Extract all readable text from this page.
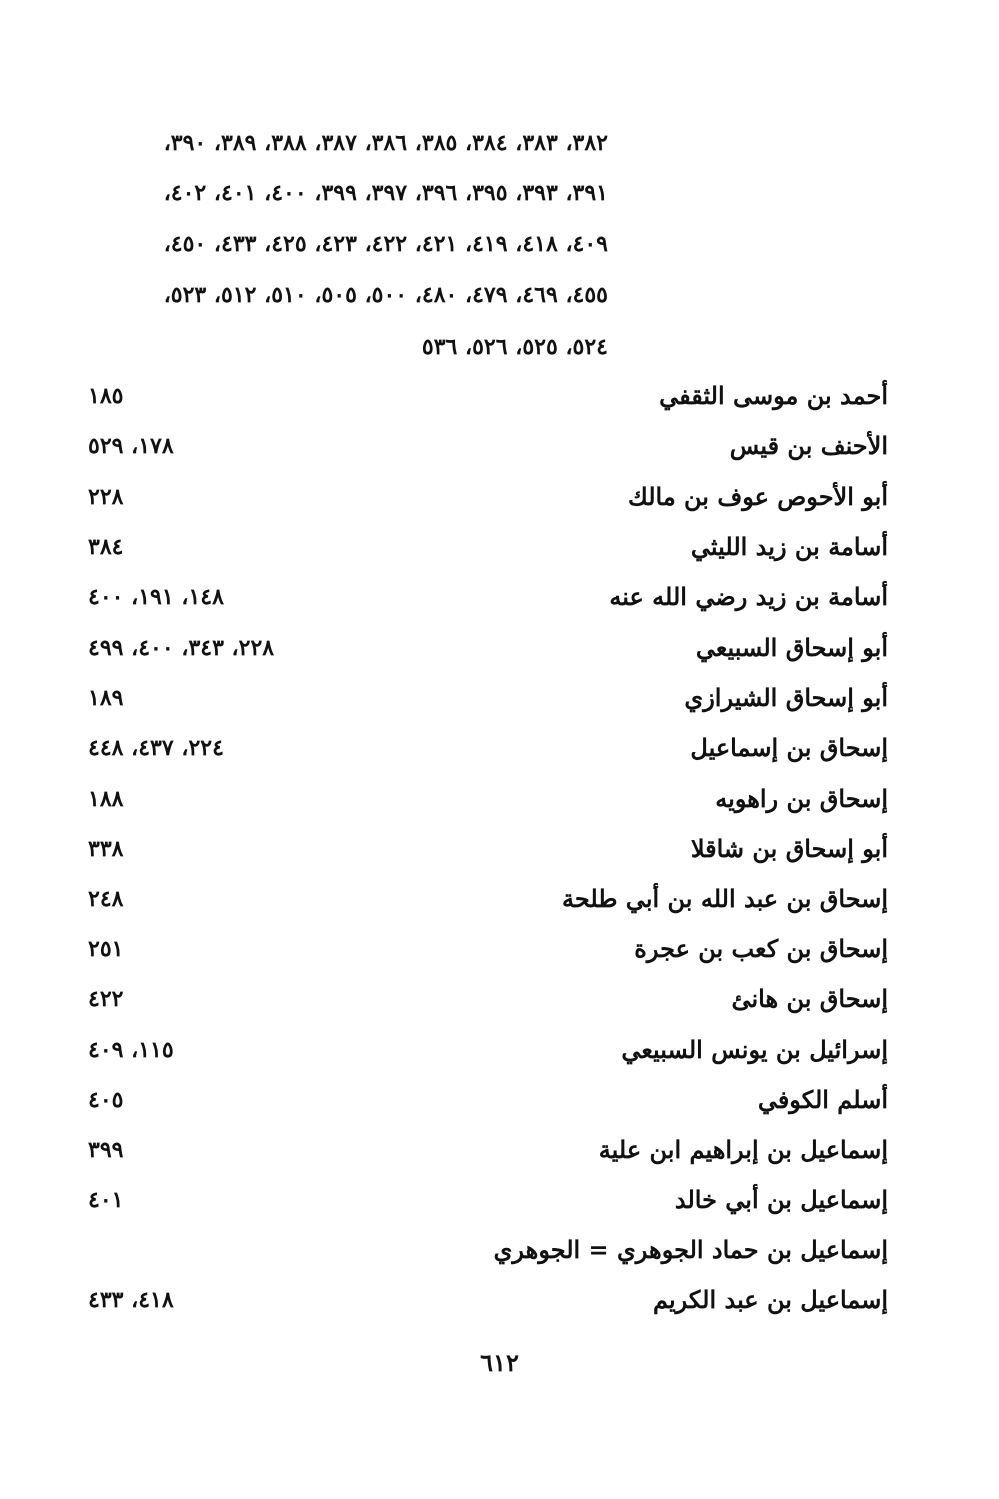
٣٨٢، ٣٨٣، ٣٨٤، ٣٨٥، ٣٨٦، ٣٨٧، ٣٨٨، ٣٨٩، ٣٩٠،
٣٩١، ٣٩٣، ٣٩٥، ٣٩٦، ٣٩٧، ٣٩٩، ٤٠٠، ٤٠١، ٤٠٢،
٤٠٩، ٤١٨، ٤١٩، ٤٢١، ٤٢٢، ٤٢٣، ٤٢٥، ٤٣٣، ٤٥٠،
٤٥٥، ٤٦٩، ٤٧٩، ٤٨٠، ٥٠٠، ٥٠٥، ٥١٠، ٥١٢، ٥٢٣،
٥٢٤، ٥٢٥، ٥٢٦، ٥٣٦
أحمد بن موسى الثقفي
١٨٥
الأحنف بن قيس
١٧٨، ٥٢٩
أبو الأحوص عوف بن مالك
٢٢٨
أسامة بن زيد الليثي
٣٨٤
أسامة بن زيد رضي الله عنه
١٤٨، ١٩١، ٤٠٠
أبو إسحاق السبيعي
٢٢٨، ٣٤٣، ٤٠٠، ٤٩٩
أبو إسحاق الشيرازي
١٨٩
إسحاق بن إسماعيل
٢٢٤، ٤٣٧، ٤٤٨
إسحاق بن راهويه
١٨٨
أبو إسحاق بن شاقلا
٣٣٨
إسحاق بن عبد الله بن أبي طلحة
٢٤٨
إسحاق بن كعب بن عجرة
٢٥١
إسحاق بن هانئ
٤٢٢
إسرائيل بن يونس السبيعي
١١٥، ٤٠٩
أسلم الكوفي
٤٠٥
إسماعيل بن إبراهيم ابن علية
٣٩٩
إسماعيل بن أبي خالد
٤٠١
إسماعيل بن حماد الجوهري = الجوهري
إسماعيل بن عبد الكريم
٤١٨، ٤٣٣
٦١٢
